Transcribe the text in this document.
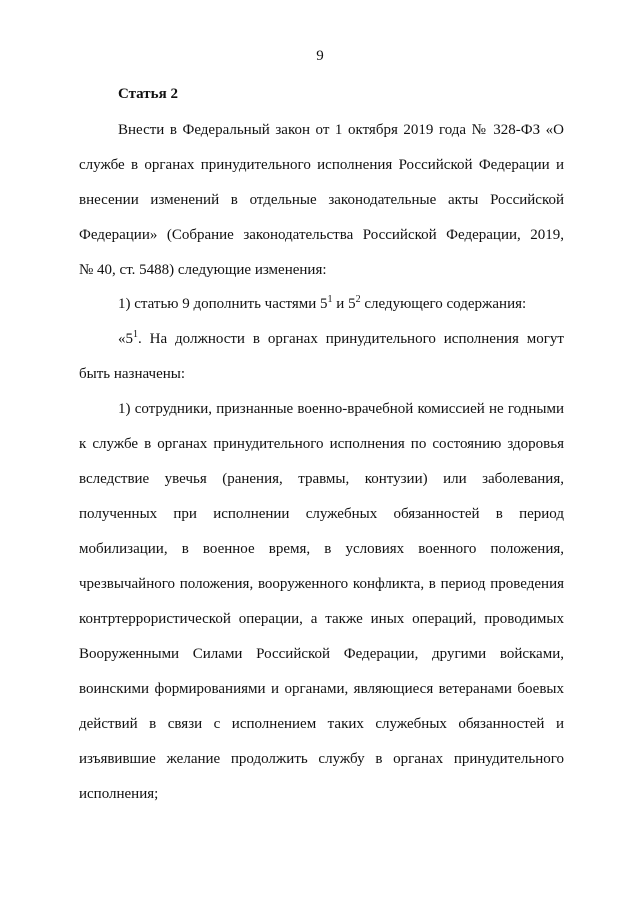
9
Статья 2
Внести в Федеральный закон от 1 октября 2019 года № 328-ФЗ «О
службе в органах принудительного исполнения Российской Федерации и
внесении изменений в отдельные законодательные акты Российской
Федерации» (Собрание законодательства Российской Федерации, 2019,
№ 40, ст. 5488) следующие изменения:
1) статью 9 дополнить частями $5^1$ и $5^2$ следующего содержания:
«$5^1$. На должности в органах принудительного исполнения могут
быть назначены:
1) сотрудники, признанные военно-врачебной комиссией не годными
к службе в органах принудительного исполнения по состоянию здоровья
вследствие увечья (ранения, травмы, контузии) или заболевания,
полученных при исполнении служебных обязанностей в период
мобилизации, в военное время, в условиях военного положения,
чрезвычайного положения, вооруженного конфликта, в период проведения
контртеррористической операции, а также иных операций, проводимых
Вооруженными Силами Российской Федерации, другими войсками,
воинскими формированиями и органами, являющиеся ветеранами боевых
действий в связи с исполнением таких служебных обязанностей и
изъявившие желание продолжить службу в органах принудительного
исполнения;
